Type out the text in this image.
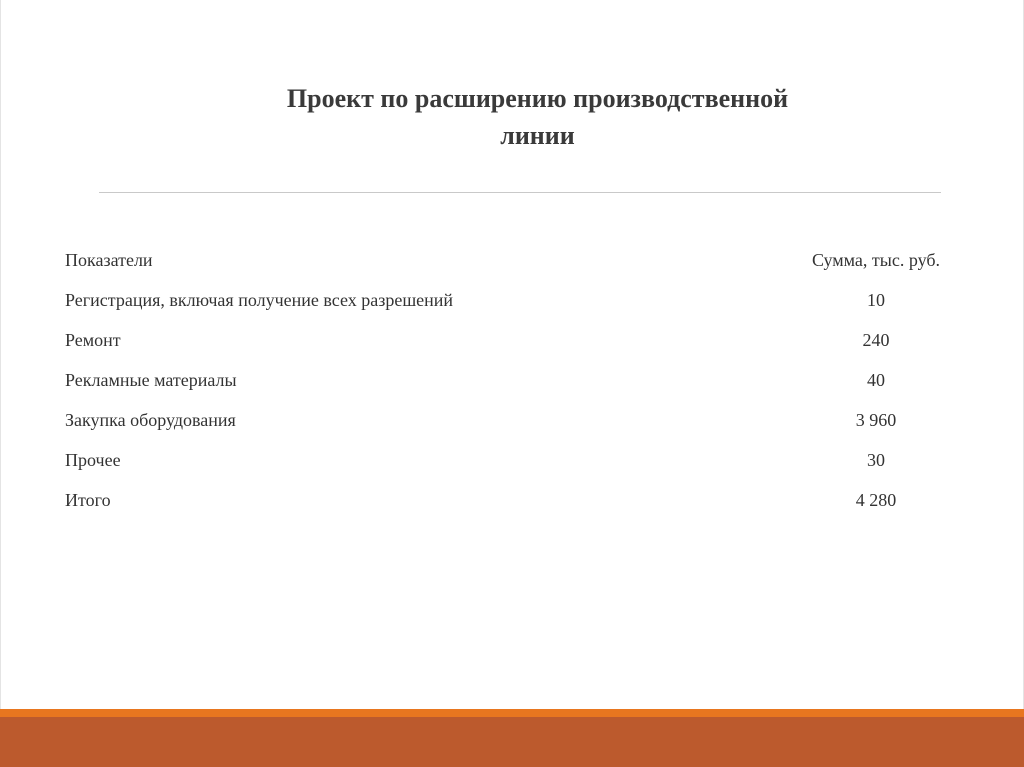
Проект по расширению производственной
линии
Показатели	Сумма, тыс. руб.
Регистрация, включая получение всех разрешений	10
Ремонт	240
Рекламные материалы	40
Закупка оборудования	3 960
Прочее	30
Итого	4 280
